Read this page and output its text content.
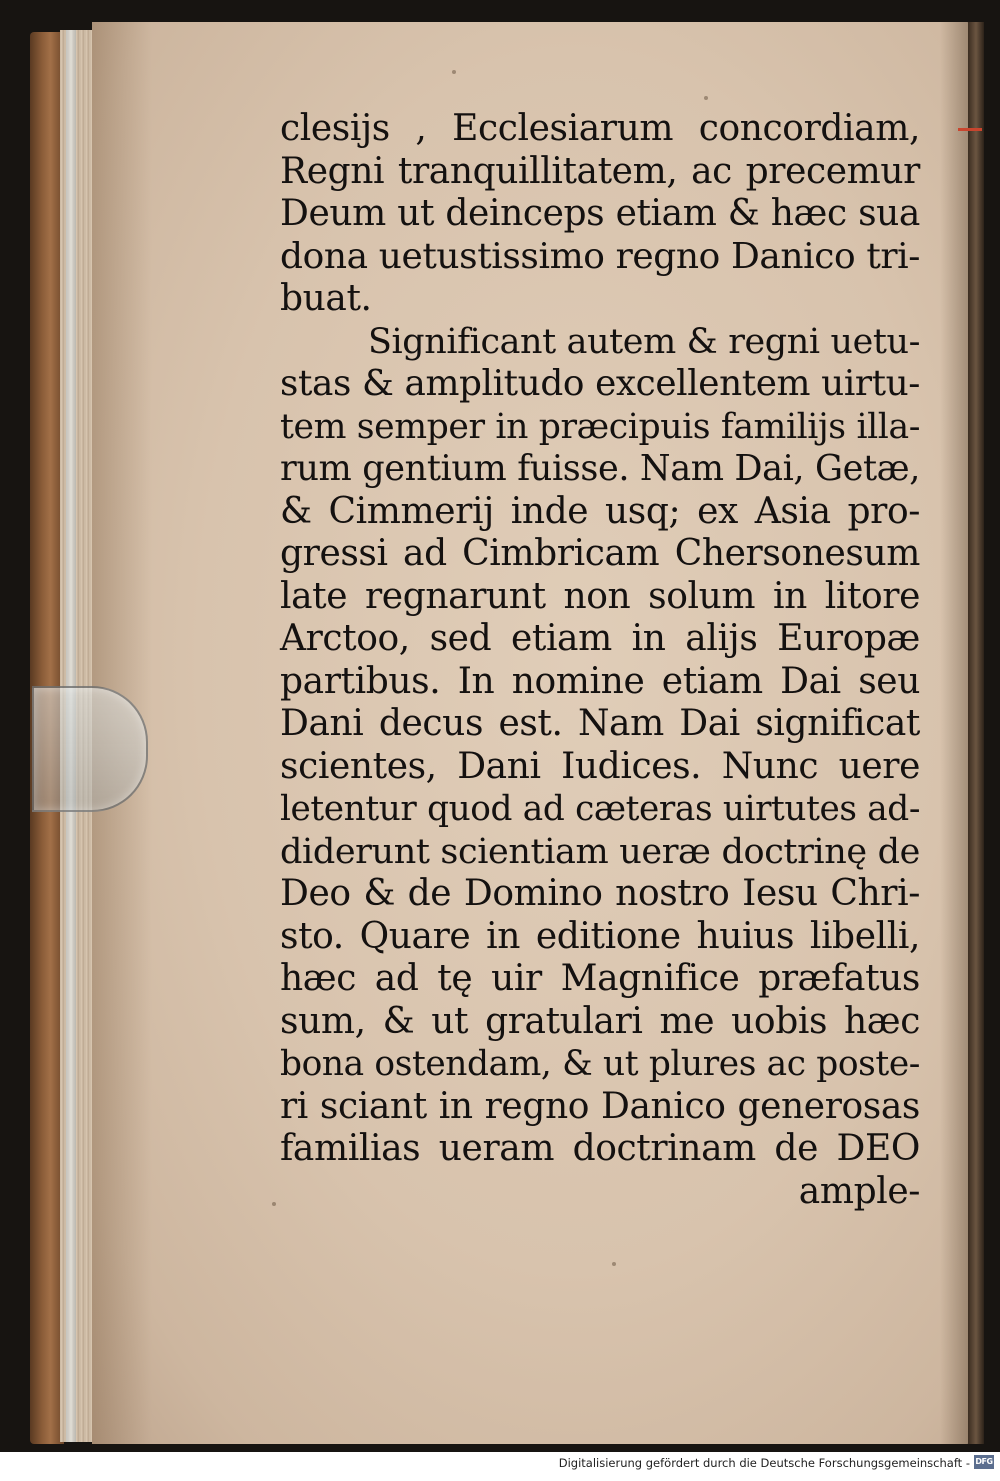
clesijs , Ecclesiarum concordiam,
Regni tranquillitatem, ac precemur
Deum ut deinceps etiam & hæc sua
dona uetustissimo regno Danico tri-
buat.
Significant autem & regni uetu-
stas & amplitudo excellentem uirtu-
tem semper in præcipuis familijs illa-
rum gentium fuisse. Nam Dai, Getæ,
& Cimmerij inde usq; ex Asia pro-
gressi ad Cimbricam Chersonesum
late regnarunt non solum in litore
Arctoo, sed etiam in alijs Europæ
partibus. In nomine etiam Dai seu
Dani decus est. Nam Dai significat
scientes, Dani Iudices. Nunc uere
letentur quod ad cæteras uirtutes ad-
diderunt scientiam ueræ doctrinę de
Deo & de Domino nostro Iesu Chri-
sto. Quare in editione huius libelli,
hæc ad tę uir Magnifice præfatus
sum, & ut gratulari me uobis hæc
bona ostendam, & ut plures ac poste-
ri sciant in regno Danico generosas
familias ueram doctrinam de DEO
ample-
Digitalisierung gefördert durch die Deutsche Forschungsgemeinschaft - DFG
